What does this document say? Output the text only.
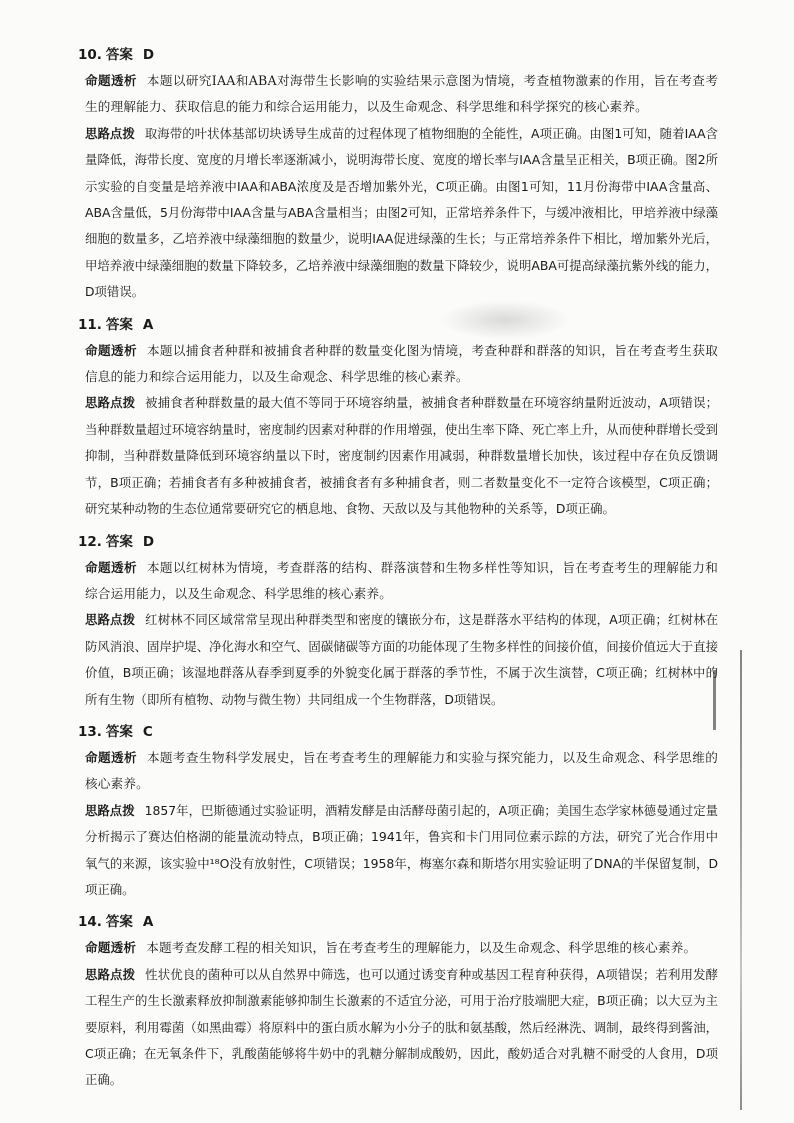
10. 答案 D
命题透析 本题以研究IAA和ABA对海带生长影响的实验结果示意图为情境，考查植物激素的作用，旨在考查考生的理解能力、获取信息的能力和综合运用能力，以及生命观念、科学思维和科学探究的核心素养。
思路点拨 取海带的叶状体基部切块诱导生成苗的过程体现了植物细胞的全能性，A项正确。由图1可知，随着IAA含量降低，海带长度、宽度的月增长率逐渐减小，说明海带长度、宽度的增长率与IAA含量呈正相关，B项正确。图2所示实验的自变量是培养液中IAA和ABA浓度及是否增加紫外光，C项正确。由图1可知，11月份海带中IAA含量高、ABA含量低，5月份海带中IAA含量与ABA含量相当；由图2可知，正常培养条件下，与缓冲液相比，甲培养液中绿藻细胞的数量多，乙培养液中绿藻细胞的数量少，说明IAA促进绿藻的生长；与正常培养条件下相比，增加紫外光后，甲培养液中绿藻细胞的数量下降较多，乙培养液中绿藻细胞的数量下降较少，说明ABA可提高绿藻抗紫外线的能力，D项错误。
11. 答案 A
命题透析 本题以捕食者种群和被捕食者种群的数量变化图为情境，考查种群和群落的知识，旨在考查考生获取信息的能力和综合运用能力，以及生命观念、科学思维的核心素养。
思路点拨 被捕食者种群数量的最大值不等同于环境容纳量，被捕食者种群数量在环境容纳量附近波动，A项错误；当种群数量超过环境容纳量时，密度制约因素对种群的作用增强，使出生率下降、死亡率上升，从而使种群增长受到抑制，当种群数量降低到环境容纳量以下时，密度制约因素作用减弱，种群数量增长加快，该过程中存在负反馈调节，B项正确；若捕食者有多种被捕食者，被捕食者有多种捕食者，则二者数量变化不一定符合该模型，C项正确；研究某种动物的生态位通常要研究它的栖息地、食物、天敌以及与其他物种的关系等，D项正确。
12. 答案 D
命题透析 本题以红树林为情境，考查群落的结构、群落演替和生物多样性等知识，旨在考查考生的理解能力和综合运用能力，以及生命观念、科学思维的核心素养。
思路点拨 红树林不同区域常常呈现出种群类型和密度的镶嵌分布，这是群落水平结构的体现，A项正确；红树林在防风消浪、固岸护堤、净化海水和空气、固碳储碳等方面的功能体现了生物多样性的间接价值，间接价值远大于直接价值，B项正确；该湿地群落从春季到夏季的外貌变化属于群落的季节性，不属于次生演替，C项正确；红树林中的所有生物（即所有植物、动物与微生物）共同组成一个生物群落，D项错误。
13. 答案 C
命题透析 本题考查生物科学发展史，旨在考查考生的理解能力和实验与探究能力，以及生命观念、科学思维的核心素养。
思路点拨 1857年，巴斯德通过实验证明，酒精发酵是由活酵母菌引起的，A项正确；美国生态学家林德曼通过定量分析揭示了赛达伯格湖的能量流动特点，B项正确；1941年，鲁宾和卡门用同位素示踪的方法，研究了光合作用中氧气的来源，该实验中¹⁸O没有放射性，C项错误；1958年，梅塞尔森和斯塔尔用实验证明了DNA的半保留复制，D项正确。
14. 答案 A
命题透析 本题考查发酵工程的相关知识，旨在考查考生的理解能力，以及生命观念、科学思维的核心素养。
思路点拨 性状优良的菌种可以从自然界中筛选，也可以通过诱变育种或基因工程育种获得，A项错误；若利用发酵工程生产的生长激素释放抑制激素能够抑制生长激素的不适宜分泌，可用于治疗肢端肥大症，B项正确；以大豆为主要原料，利用霉菌（如黑曲霉）将原料中的蛋白质水解为小分子的肽和氨基酸，然后经淋洗、调制，最终得到酱油，C项正确；在无氧条件下，乳酸菌能够将牛奶中的乳糖分解制成酸奶，因此，酸奶适合对乳糖不耐受的人食用，D项正确。
